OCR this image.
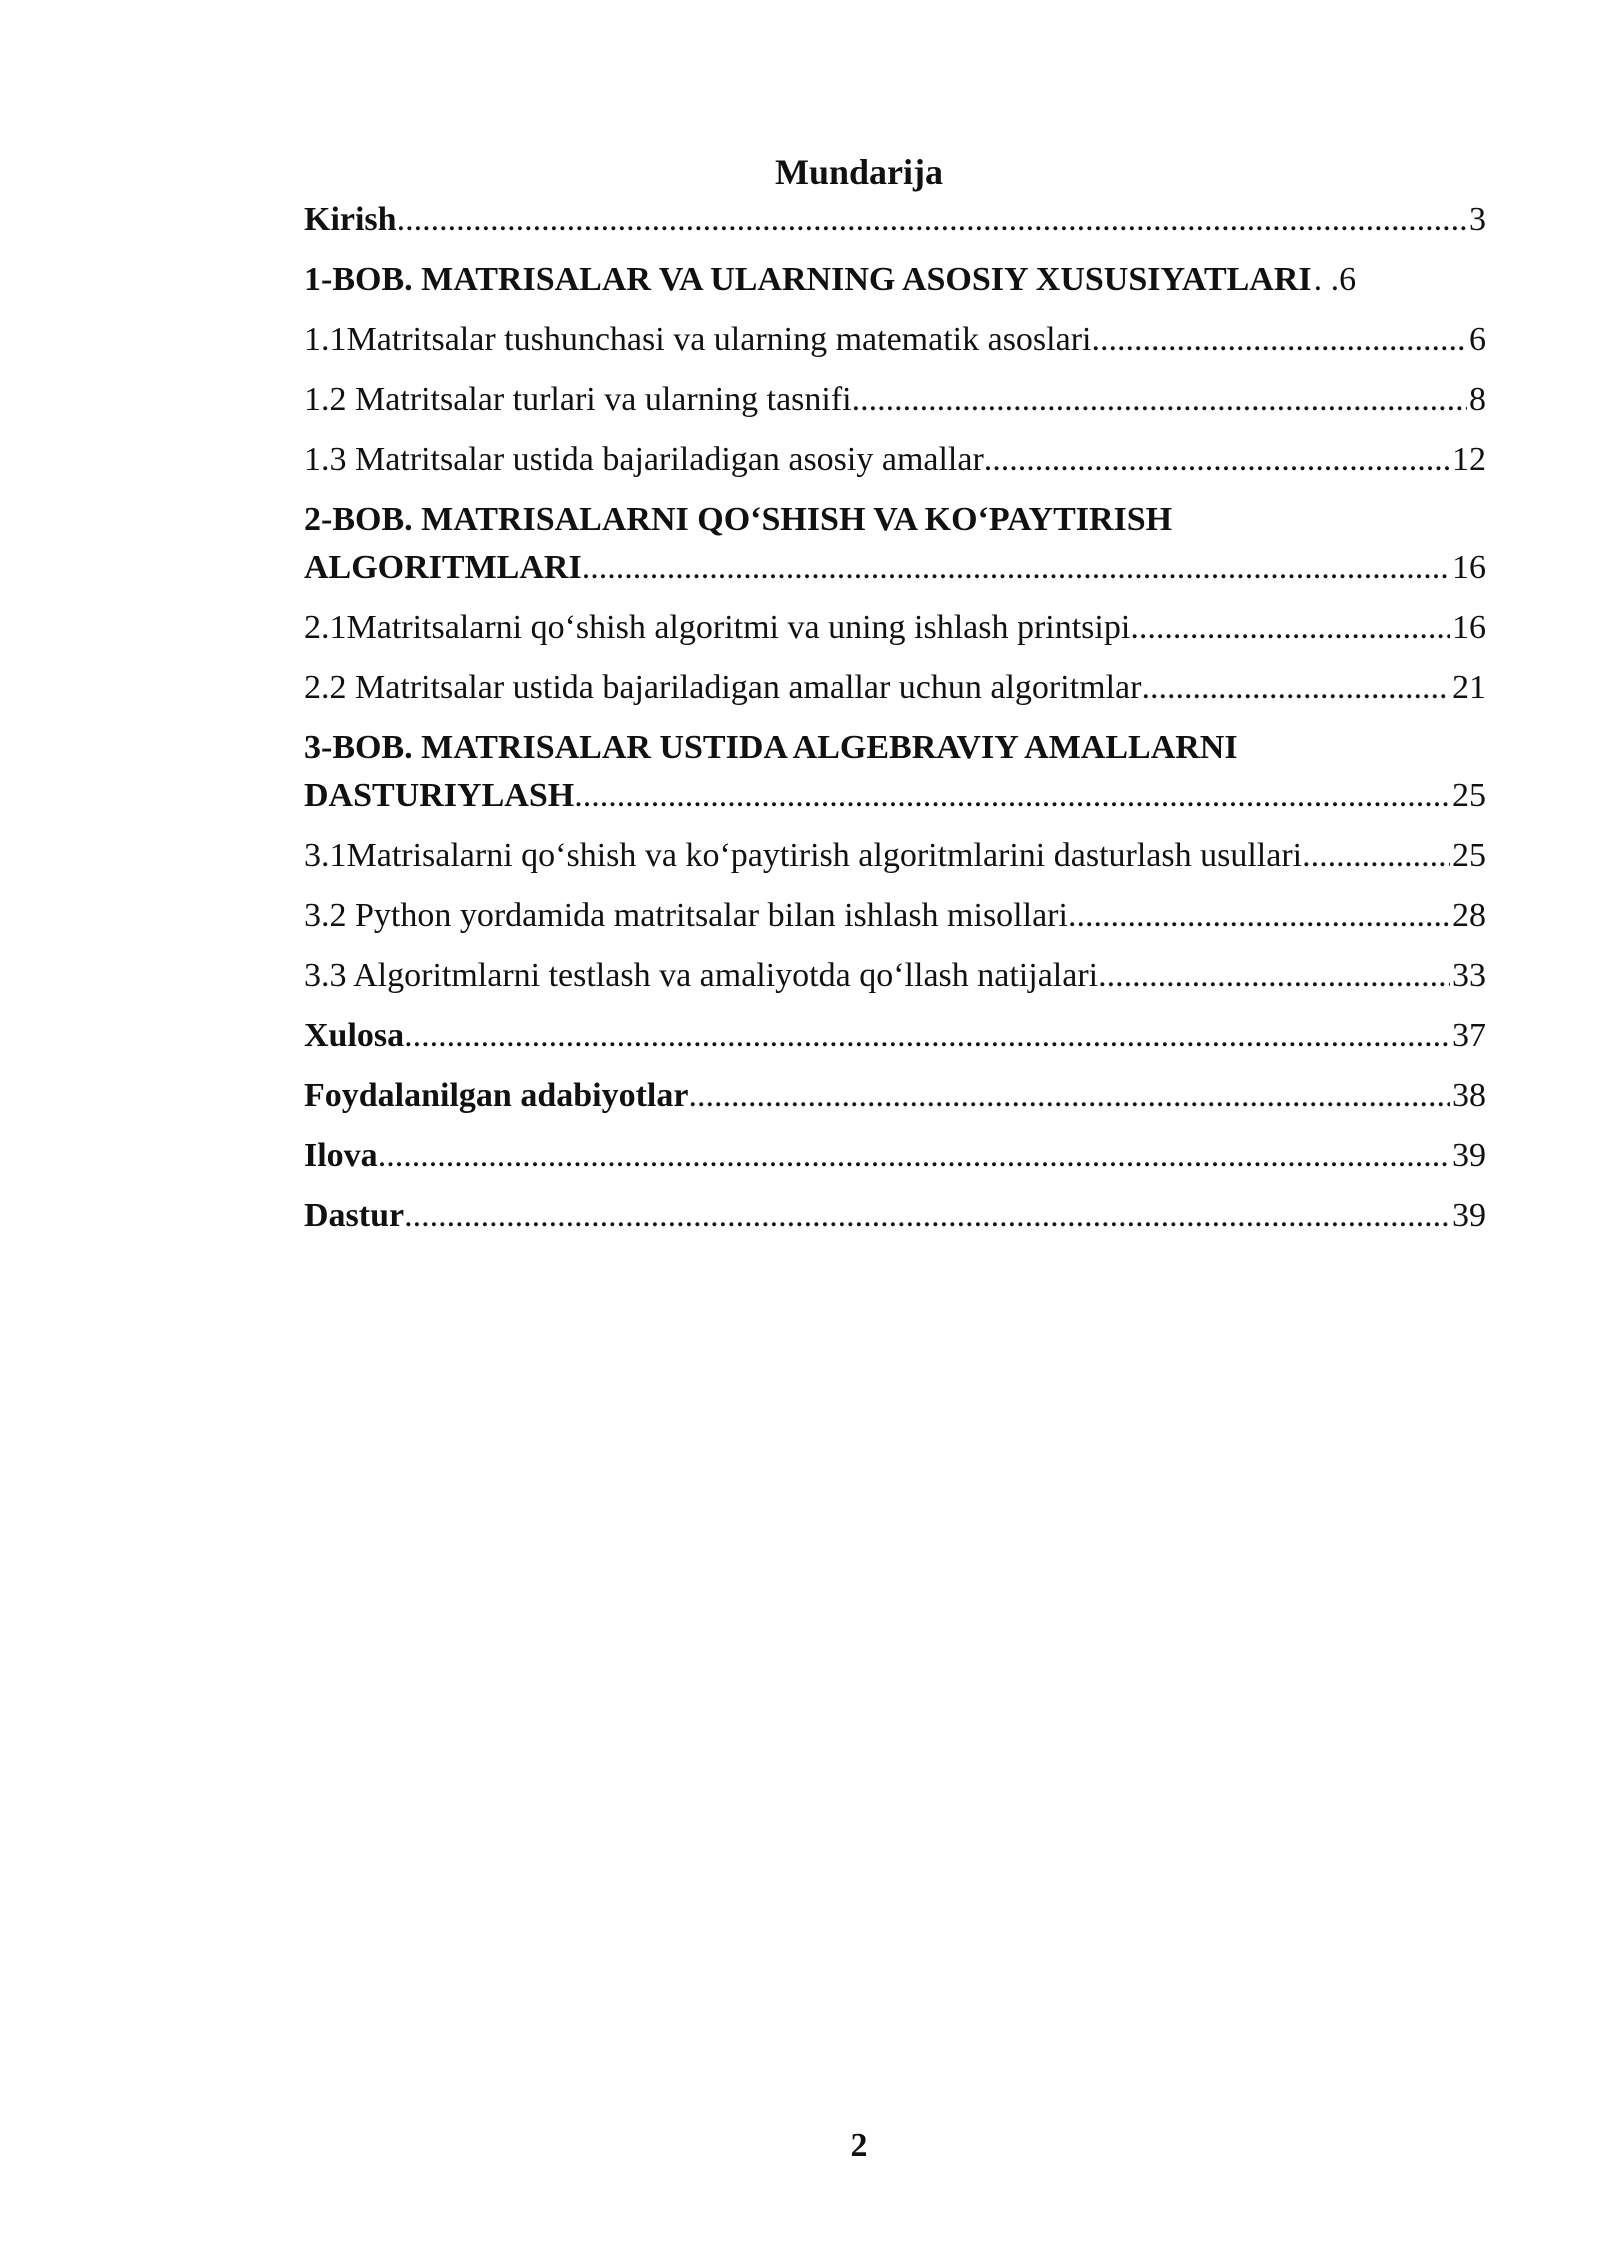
Mundarija
Kirish .....	3
1-BOB. MATRISALAR VA ULARNING ASOSIY XUSUSIYATLARI . .6
1.1Matritsalar tushunchasi va ularning matematik asoslari .....	6
1.2 Matritsalar turlari va ularning tasnifi .....	8
1.3 Matritsalar ustida bajariladigan asosiy amallar .....	12
2-BOB. MATRISALARNI QO‘SHISH VA KO‘PAYTIRISH
ALGORITMLARI .....	16
2.1Matritsalarni qo‘shish algoritmi va uning ishlash printsipi .....	16
2.2 Matritsalar ustida bajariladigan amallar uchun algoritmlar .....	21
3-BOB. MATRISALAR USTIDA ALGEBRAVIY AMALLARNI
DASTURIYLASH .....	25
3.1Matrisalarni qo‘shish va ko‘paytirish algoritmlarini dasturlash usullari .....	25
3.2 Python yordamida matritsalar bilan ishlash misollari .....	28
3.3 Algoritmlarni testlash va amaliyotda qo‘llash natijalari .....	33
Xulosa .....	37
Foydalanilgan adabiyotlar .....	38
Ilova .....	39
Dastur .....	39
2
